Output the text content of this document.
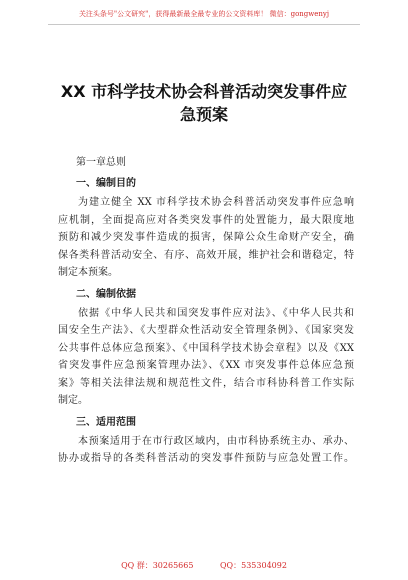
关注头条号"公文研究"，获得最新最全最专业的公文资料库！ 微信：gongwenyj
XX 市科学技术协会科普活动突发事件应
急预案
第一章总则
一、编制目的
为建立健全 XX 市科学技术协会科普活动突发事件应急响
应机制，全面提高应对各类突发事件的处置能力，最大限度地
预防和减少突发事件造成的损害，保障公众生命财产安全，确
保各类科普活动安全、有序、高效开展，维护社会和谐稳定，特
制定本预案。
二、编制依据
依据《中华人民共和国突发事件应对法》、《中华人民共和
国安全生产法》、《大型群众性活动安全管理条例》、《国家突发
公共事件总体应急预案》、《中国科学技术协会章程》以及《XX
省突发事件应急预案管理办法》、《XX 市突发事件总体应急预
案》等相关法律法规和规范性文件，结合市科协科普工作实际
制定。
三、适用范围
本预案适用于在市行政区域内，由市科协系统主办、承办、
协办或指导的各类科普活动的突发事件预防与应急处置工作。
QQ 群：30265665	QQ：535304092
